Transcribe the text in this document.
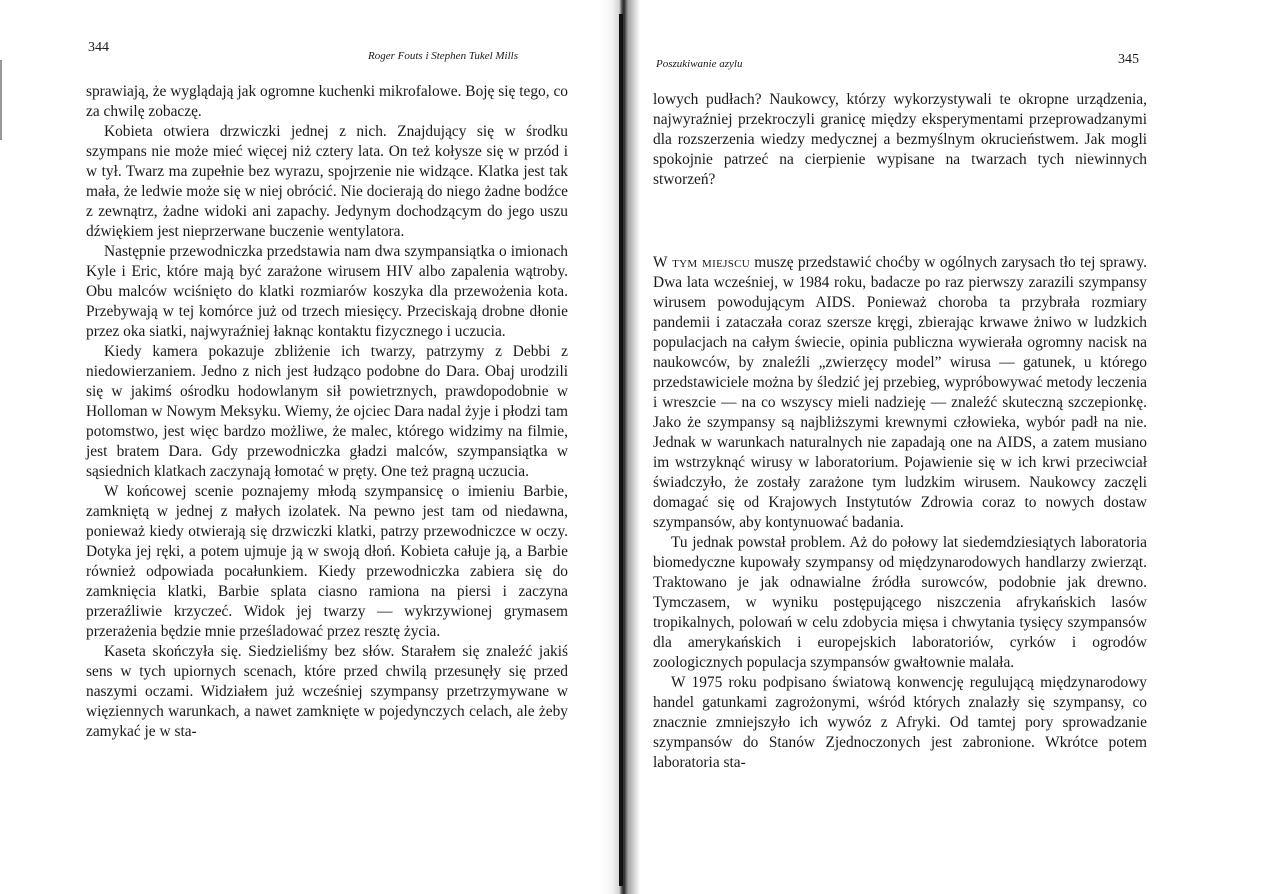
344
Roger Fouts i Stephen Tukel Mills

sprawiają, że wyglądają jak ogromne kuchenki mikrofalowe. Boję się tego, co za chwilę zobaczę.

Kobieta otwiera drzwiczki jednej z nich. Znajdujący się w środku szympans nie może mieć więcej niż cztery lata. On też kołysze się w przód i w tył. Twarz ma zupełnie bez wyrazu, spojrzenie nie widzące. Klatka jest tak mała, że ledwie może się w niej obrócić. Nie docierają do niego żadne bodźce z zewnątrz, żadne widoki ani zapachy. Jedynym dochodzącym do jego uszu dźwiękiem jest nieprzerwane buczenie wentylatora.

Następnie przewodniczka przedstawia nam dwa szympansiątka o imionach Kyle i Eric, które mają być zarażone wirusem HIV albo zapalenia wątroby. Obu malców wciśnięto do klatki rozmiarów koszyka dla przewożenia kota. Przebywają w tej komórce już od trzech miesięcy. Przeciskają drobne dłonie przez oka siatki, najwyraźniej łaknąc kontaktu fizycznego i uczucia.

Kiedy kamera pokazuje zbliżenie ich twarzy, patrzymy z Debbi z niedowierzaniem. Jedno z nich jest łudząco podobne do Dara. Obaj urodzili się w jakimś ośrodku hodowlanym sił powietrznych, prawdopodobnie w Holloman w Nowym Meksyku. Wiemy, że ojciec Dara nadal żyje i płodzi tam potomstwo, jest więc bardzo możliwe, że malec, którego widzimy na filmie, jest bratem Dara. Gdy przewodniczka gładzi malców, szympansiątka w sąsiednich klatkach zaczynają łomotać w pręty. One też pragną uczucia.

W końcowej scenie poznajemy młodą szympansicę o imieniu Barbie, zamkniętą w jednej z małych izolatek. Na pewno jest tam od niedawna, ponieważ kiedy otwierają się drzwiczki klatki, patrzy przewodniczce w oczy. Dotyka jej ręki, a potem ujmuje ją w swoją dłoń. Kobieta całuje ją, a Barbie również odpowiada pocałunkiem. Kiedy przewodniczka zabiera się do zamknięcia klatki, Barbie splata ciasno ramiona na piersi i zaczyna przeraźliwie krzyczeć. Widok jej twarzy — wykrzywionej grymasem przerażenia będzie mnie prześladować przez resztę życia.

Kaseta skończyła się. Siedzieliśmy bez słów. Starałem się znaleźć jakiś sens w tych upiornych scenach, które przed chwilą przesunęły się przed naszymi oczami. Widziałem już wcześniej szympansy przetrzymywane w więziennych warunkach, a nawet zamknięte w pojedynczych celach, ale żeby zamykać je w sta-

Poszukiwanie azylu	345

lowych pudłach? Naukowcy, którzy wykorzystywali te okropne urządzenia, najwyraźniej przekroczyli granicę między eksperymentami przeprowadzanymi dla rozszerzenia wiedzy medycznej a bezmyślnym okrucieństwem. Jak mogli spokojnie patrzeć na cierpienie wypisane na twarzach tych niewinnych stworzeń?

W tym miejscu muszę przedstawić choćby w ogólnych zarysach tło tej sprawy. Dwa lata wcześniej, w 1984 roku, badacze po raz pierwszy zarazili szympansy wirusem powodującym AIDS. Ponieważ choroba ta przybrała rozmiary pandemii i zataczała coraz szersze kręgi, zbierając krwawe żniwo w ludzkich populacjach na całym świecie, opinia publiczna wywierała ogromny nacisk na naukowców, by znaleźli „zwierzęcy model” wirusa — gatunek, u którego przedstawiciele można by śledzić jej przebieg, wypróbowywać metody leczenia i wreszcie — na co wszyscy mieli nadzieję — znaleźć skuteczną szczepionkę. Jako że szympansy są najbliższymi krewnymi człowieka, wybór padł na nie. Jednak w warunkach naturalnych nie zapadają one na AIDS, a zatem musiano im wstrzyknąć wirusy w laboratorium. Pojawienie się w ich krwi przeciwciał świadczyło, że zostały zarażone tym ludzkim wirusem. Naukowcy zaczęli domagać się od Krajowych Instytutów Zdrowia coraz to nowych dostaw szympansów, aby kontynuować badania.

Tu jednak powstał problem. Aż do połowy lat siedemdziesiątych laboratoria biomedyczne kupowały szympansy od międzynarodowych handlarzy zwierząt. Traktowano je jak odnawialne źródła surowców, podobnie jak drewno. Tymczasem, w wyniku postępującego niszczenia afrykańskich lasów tropikalnych, polowań w celu zdobycia mięsa i chwytania tysięcy szympansów dla amerykańskich i europejskich laboratoriów, cyrków i ogrodów zoologicznych populacja szympansów gwałtownie malała.

W 1975 roku podpisano światową konwencję regulującą międzynarodowy handel gatunkami zagrożonymi, wśród których znalazły się szympansy, co znacznie zmniejszyło ich wywóz z Afryki. Od tamtej pory sprowadzanie szympansów do Stanów Zjednoczonych jest zabronione. Wkrótce potem laboratoria sta-
